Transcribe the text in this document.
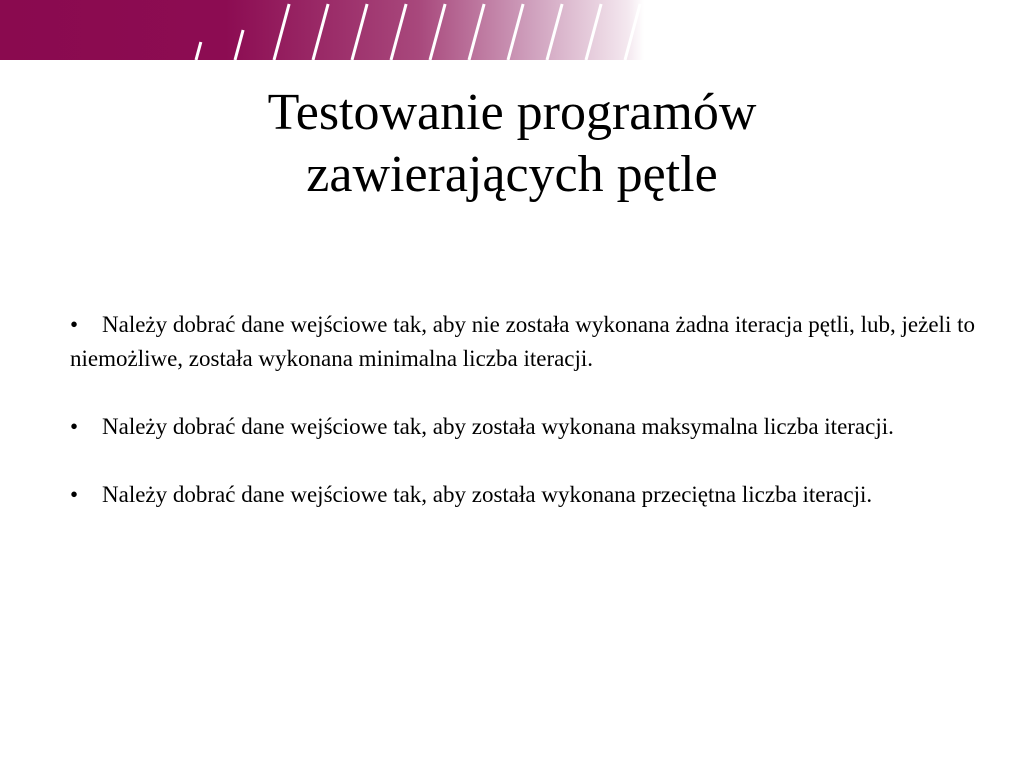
Testowanie programów
zawierających pętle

• Należy dobrać dane wejściowe tak, aby nie została wykonana żadna iteracja pętli, lub, jeżeli to niemożliwe, została wykonana minimalna liczba iteracji.

• Należy dobrać dane wejściowe tak, aby została wykonana maksymalna liczba iteracji.

• Należy dobrać dane wejściowe tak, aby została wykonana przeciętna liczba iteracji.
